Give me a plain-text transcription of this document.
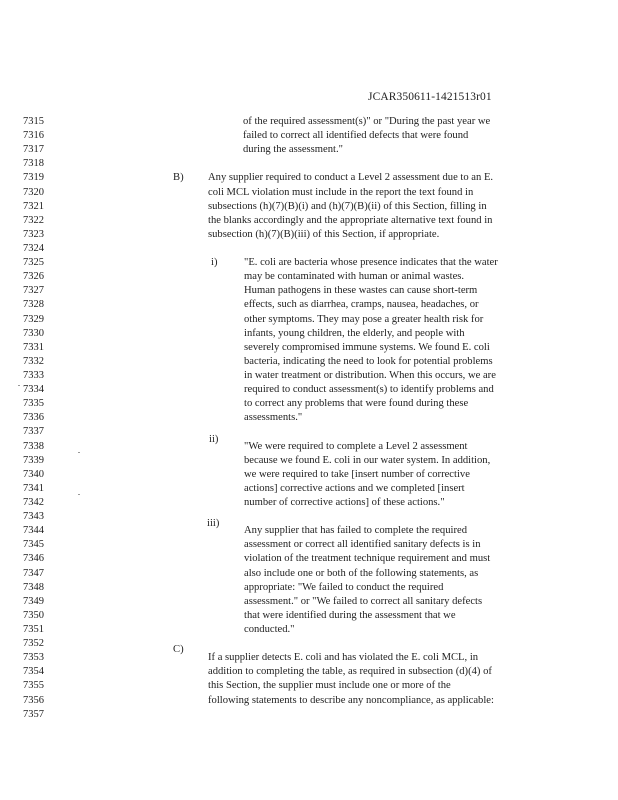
JCAR350611-1421513r01
7315
7316
7317
7318
7319
7320
7321
7322
7323
7324
7325
7326
7327
7328
7329
7330
7331
7332
7333
7334
7335
7336
7337
7338
7339
7340
7341
7342
7343
7344
7345
7346
7347
7348
7349
7350
7351
7352
7353
7354
7355
7356
7357
of the required assessment(s)" or "During the past year we
failed to correct all identified defects that were found
during the assessment."
B) Any supplier required to conduct a Level 2 assessment due to an E.
coli MCL violation must include in the report the text found in
subsections (h)(7)(B)(i) and (h)(7)(B)(ii) of this Section, filling in
the blanks accordingly and the appropriate alternative text found in
subsection (h)(7)(B)(iii) of this Section, if appropriate.
i)	"E. coli are bacteria whose presence indicates that the water
may be contaminated with human or animal wastes.
Human pathogens in these wastes can cause short-term
effects, such as diarrhea, cramps, nausea, headaches, or
other symptoms. They may pose a greater health risk for
infants, young children, the elderly, and people with
severely compromised immune systems. We found E. coli
bacteria, indicating the need to look for potential problems
in water treatment or distribution. When this occurs, we are
required to conduct assessment(s) to identify problems and
to correct any problems that were found during these
assessments."
ii)
"We were required to complete a Level 2 assessment
because we found E. coli in our water system. In addition,
we were required to take [insert number of corrective
actions] corrective actions and we completed [insert
number of corrective actions] of these actions."
iii)
Any supplier that has failed to complete the required
assessment or correct all identified sanitary defects is in
violation of the treatment technique requirement and must
also include one or both of the following statements, as
appropriate: "We failed to conduct the required
assessment." or "We failed to correct all sanitary defects
that were identified during the assessment that we
conducted."
C)
If a supplier detects E. coli and has violated the E. coli MCL, in
addition to completing the table, as required in subsection (d)(4) of
this Section, the supplier must include one or more of the
following statements to describe any noncompliance, as applicable:
